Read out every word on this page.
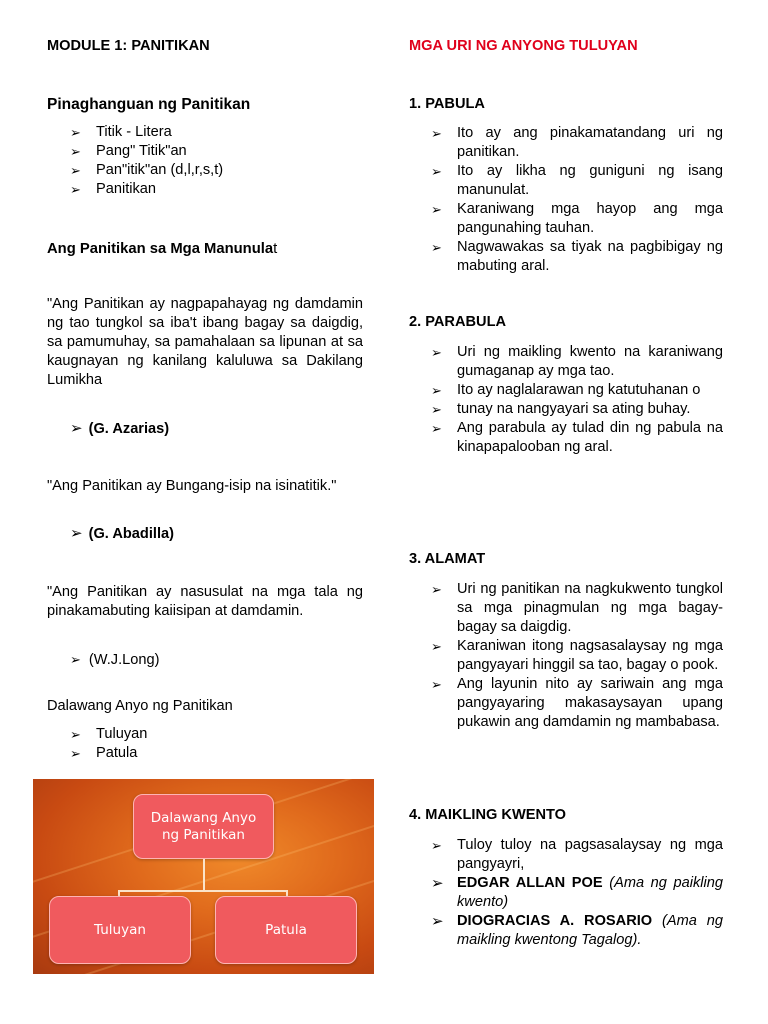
MODULE 1: PANITIKAN
Pinaghanguan ng Panitikan
➢ Titik - Litera
➢ Pang" Titik"an
➢ Pan"itik"an (d,l,r,s,t)
➢ Panitikan
Ang Panitikan sa Mga Manunulat
"Ang Panitikan ay nagpapahayag ng damdamin ng tao tungkol sa iba't ibang bagay sa daigdig, sa pamumuhay, sa pamahalaan sa lipunan at sa kaugnayan ng kanilang kaluluwa sa Dakilang Lumikha
➢ (G. Azarias)
"Ang Panitikan ay Bungang-isip na isinatitik."
➢ (G. Abadilla)
"Ang Panitikan ay nasusulat na mga tala ng pinakamabuting kaiisipan at damdamin.
➢ (W.J.Long)
Dalawang Anyo ng Panitikan
➢ Tuluyan
➢ Patula
Dalawang Anyo
ng Panitikan
Tuluyan	Patula
MGA URI NG ANYONG TULUYAN
1. PABULA
➢ Ito ay ang pinakamatandang uri ng panitikan.
➢ Ito ay likha ng guniguni ng isang manunulat.
➢ Karaniwang mga hayop ang mga pangunahing tauhan.
➢ Nagwawakas sa tiyak na pagbibigay ng mabuting aral.
2. PARABULA
➢ Uri ng maikling kwento na karaniwang gumaganap ay mga tao.
➢ Ito ay naglalarawan ng katutuhanan o
➢ tunay na nangyayari sa ating buhay.
➢ Ang parabula ay tulad din ng pabula na kinapapalooban ng aral.
3. ALAMAT
➢ Uri ng panitikan na nagkukwento tungkol sa mga pinagmulan ng mga bagay-bagay sa daigdig.
➢ Karaniwan itong nagsasalaysay ng mga pangyayari hinggil sa tao, bagay o pook.
➢ Ang layunin nito ay sariwain ang mga pangyayaring makasaysayan upang pukawin ang damdamin ng mambabasa.
4. MAIKLING KWENTO
➢ Tuloy tuloy na pagsasalaysay ng mga pangyayri,
➢ EDGAR ALLAN POE (Ama ng paikling kwento)
➢ DIOGRACIAS A. ROSARIO (Ama ng maikling kwentong Tagalog).
